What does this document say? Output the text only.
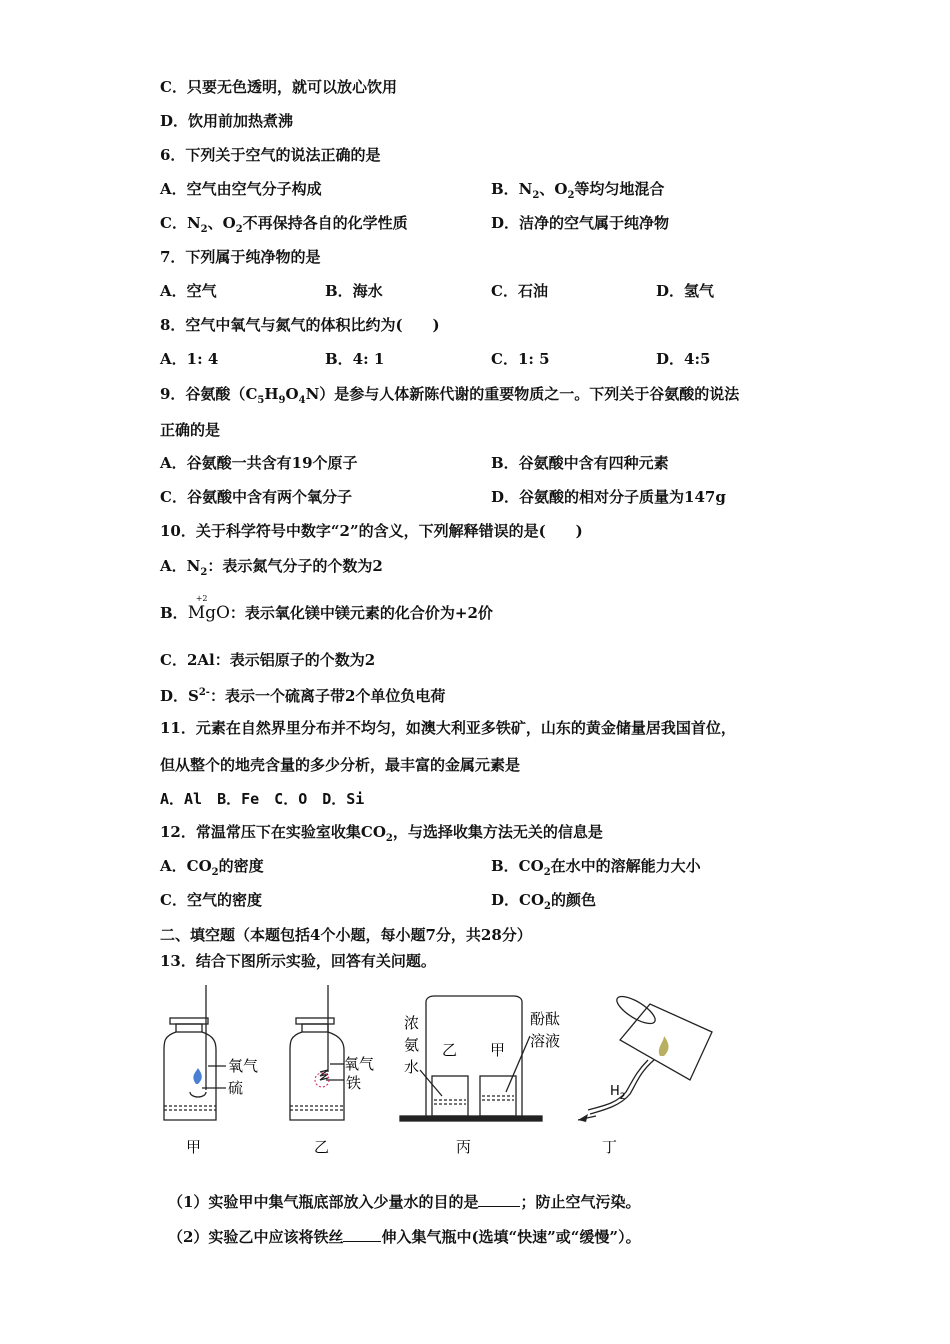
C．只要无色透明，就可以放心饮用
D．饮用前加热煮沸
6．下列关于空气的说法正确的是
A．空气由空气分子构成	B．$N_2$、$O_2$等均匀地混合
C．$N_2$、$O_2$不再保持各自的化学性质	D．洁净的空气属于纯净物
7．下列属于纯净物的是
A．空气	B．海水	C．石油	D．氢气
8．空气中氧气与氮气的体积比约为(　　)
A．1: 4	B．4: 1	C．1: 5	D．4:5
9．谷氨酸$(C_5H_9O_4N)$是参与人体新陈代谢的重要物质之一。下列关于谷氨酸的说法
正确的是
A．谷氨酸一共含有19个原子	B．谷氨酸中含有四种元素
C．谷氨酸中含有两个氧分子	D．谷氨酸的相对分子质量为147g
10．关于科学符号中数字“2”的含义，下列解释错误的是(　　)
A．$N_2$：表示氮气分子的个数为2
B．
+2
MgO：表示氧化镁中镁元素的化合价为+2价
C．2Al：表示铝原子的个数为2
D．$S^{2-}$：表示一个硫离子带2个单位负电荷
11．元素在自然界里分布并不均匀，如澳大利亚多铁矿，山东的黄金储量居我国首位，
但从整个的地壳含量的多少分析，最丰富的金属元素是
A．Al　B．Fe　C．O　D．Si
12．常温常压下在实验室收集$CO_2$，与选择收集方法无关的信息是
A．$CO_2$的密度	B．$CO_2$在水中的溶解能力大小
C．空气的密度	D．$CO_2$的颜色
二、填空题（本题包括4个小题，每小题7分，共28分）
13．结合下图所示实验，回答有关问题。
氧气
硫
甲
氧气
铁
乙
浓
氨
水
酚酞
溶液
乙 甲
丙
$H_2$
丁
（1）实验甲中集气瓶底部放入少量水的目的是	；防止空气污染。
（2）实验乙中应该将铁丝	伸入集气瓶中(选填“快速”或“缓慢”）。
